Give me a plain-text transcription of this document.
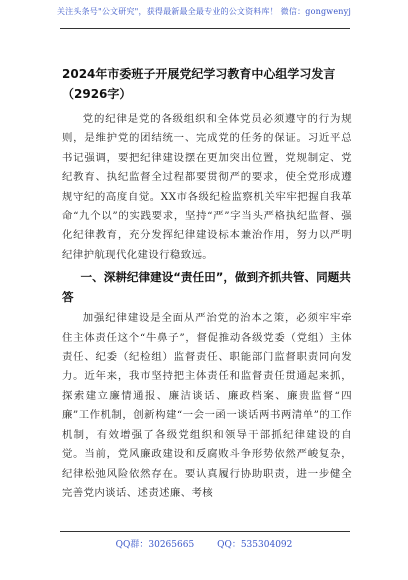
关注头条号"公文研究"，获得最新最全最专业的公文资料库！ 微信：gongwenyj
2024年市委班子开展党纪学习教育中心组学习发言（2926字）

党的纪律是党的各级组织和全体党员必须遵守的行为规则，是维护党的团结统一、完成党的任务的保证。习近平总书记强调，要把纪律建设摆在更加突出位置，党规制定、党纪教育、执纪监督全过程都要贯彻严的要求，使全党形成遵规守纪的高度自觉。XX市各级纪检监察机关牢牢把握自我革命“九个以”的实践要求，坚持“严”字当头严格执纪监督、强化纪律教育，充分发挥纪律建设标本兼治作用，努力以严明纪律护航现代化建设行稳致远。

一、深耕纪律建设“责任田”，做到齐抓共管、同题共答

加强纪律建设是全面从严治党的治本之策，必须牢牢牵住主体责任这个“牛鼻子”，督促推动各级党委（党组）主体责任、纪委（纪检组）监督责任、职能部门监督职责同向发力。近年来，我市坚持把主体责任和监督责任贯通起来抓，探索建立廉情通报、廉洁谈话、廉政档案、廉贵监督“四廉”工作机制，创新构建“一会一函一谈话两书两清单”的工作机制，有效增强了各级党组织和领导干部抓纪律建设的自觉。当前，党风廉政建设和反腐败斗争形势依然严峻复杂，纪律松弛风险依然存在。要认真履行协助职责，进一步健全完善党内谈话、述责述廉、考核

QQ群：30265665	QQ：535304092
